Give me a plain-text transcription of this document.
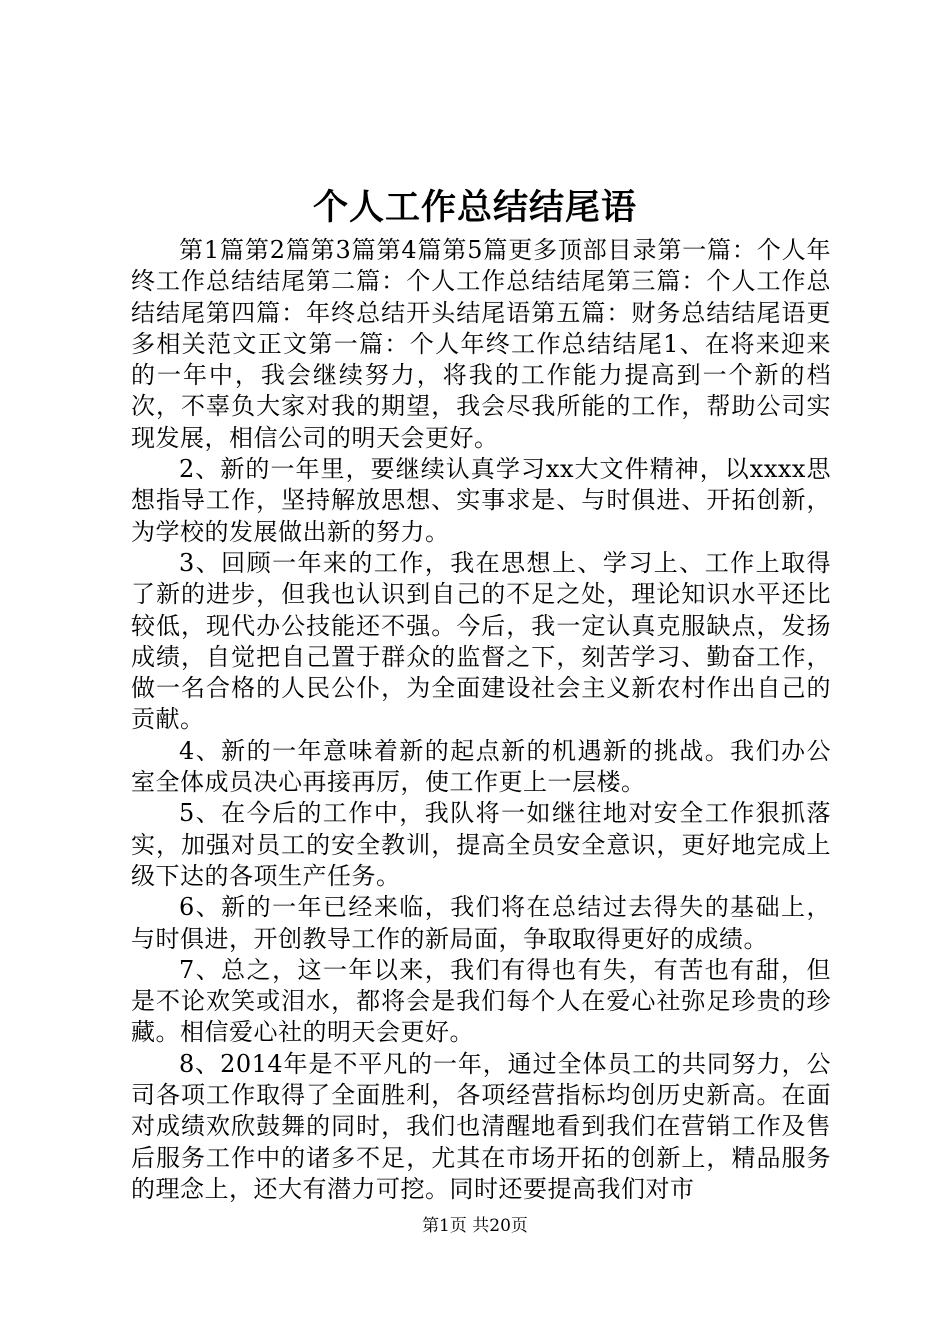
个人工作总结结尾语

第1篇第2篇第3篇第4篇第5篇更多顶部目录第一篇：个人年终工作总结结尾第二篇：个人工作总结结尾第三篇：个人工作总结结尾第四篇：年终总结开头结尾语第五篇：财务总结结尾语更多相关范文正文第一篇：个人年终工作总结结尾1、在将来迎来的一年中，我会继续努力，将我的工作能力提高到一个新的档次，不辜负大家对我的期望，我会尽我所能的工作，帮助公司实现发展，相信公司的明天会更好。

2、新的一年里，要继续认真学习xx大文件精神，以xxxx思想指导工作，坚持解放思想、实事求是、与时俱进、开拓创新，为学校的发展做出新的努力。

3、回顾一年来的工作，我在思想上、学习上、工作上取得了新的进步，但我也认识到自己的不足之处，理论知识水平还比较低，现代办公技能还不强。今后，我一定认真克服缺点，发扬成绩，自觉把自己置于群众的监督之下，刻苦学习、勤奋工作，做一名合格的人民公仆，为全面建设社会主义新农村作出自己的贡献。

4、新的一年意味着新的起点新的机遇新的挑战。我们办公室全体成员决心再接再厉，使工作更上一层楼。

5、在今后的工作中，我队将一如继往地对安全工作狠抓落实，加强对员工的安全教训，提高全员安全意识，更好地完成上级下达的各项生产任务。

6、新的一年已经来临，我们将在总结过去得失的基础上，与时俱进，开创教导工作的新局面，争取取得更好的成绩。

7、总之，这一年以来，我们有得也有失，有苦也有甜，但是不论欢笑或泪水，都将会是我们每个人在爱心社弥足珍贵的珍藏。相信爱心社的明天会更好。

8、2014年是不平凡的一年，通过全体员工的共同努力，公司各项工作取得了全面胜利，各项经营指标均创历史新高。在面对成绩欢欣鼓舞的同时，我们也清醒地看到我们在营销工作及售后服务工作中的诸多不足，尤其在市场开拓的创新上，精品服务的理念上，还大有潜力可挖。同时还要提高我们对市

第1页 共20页
